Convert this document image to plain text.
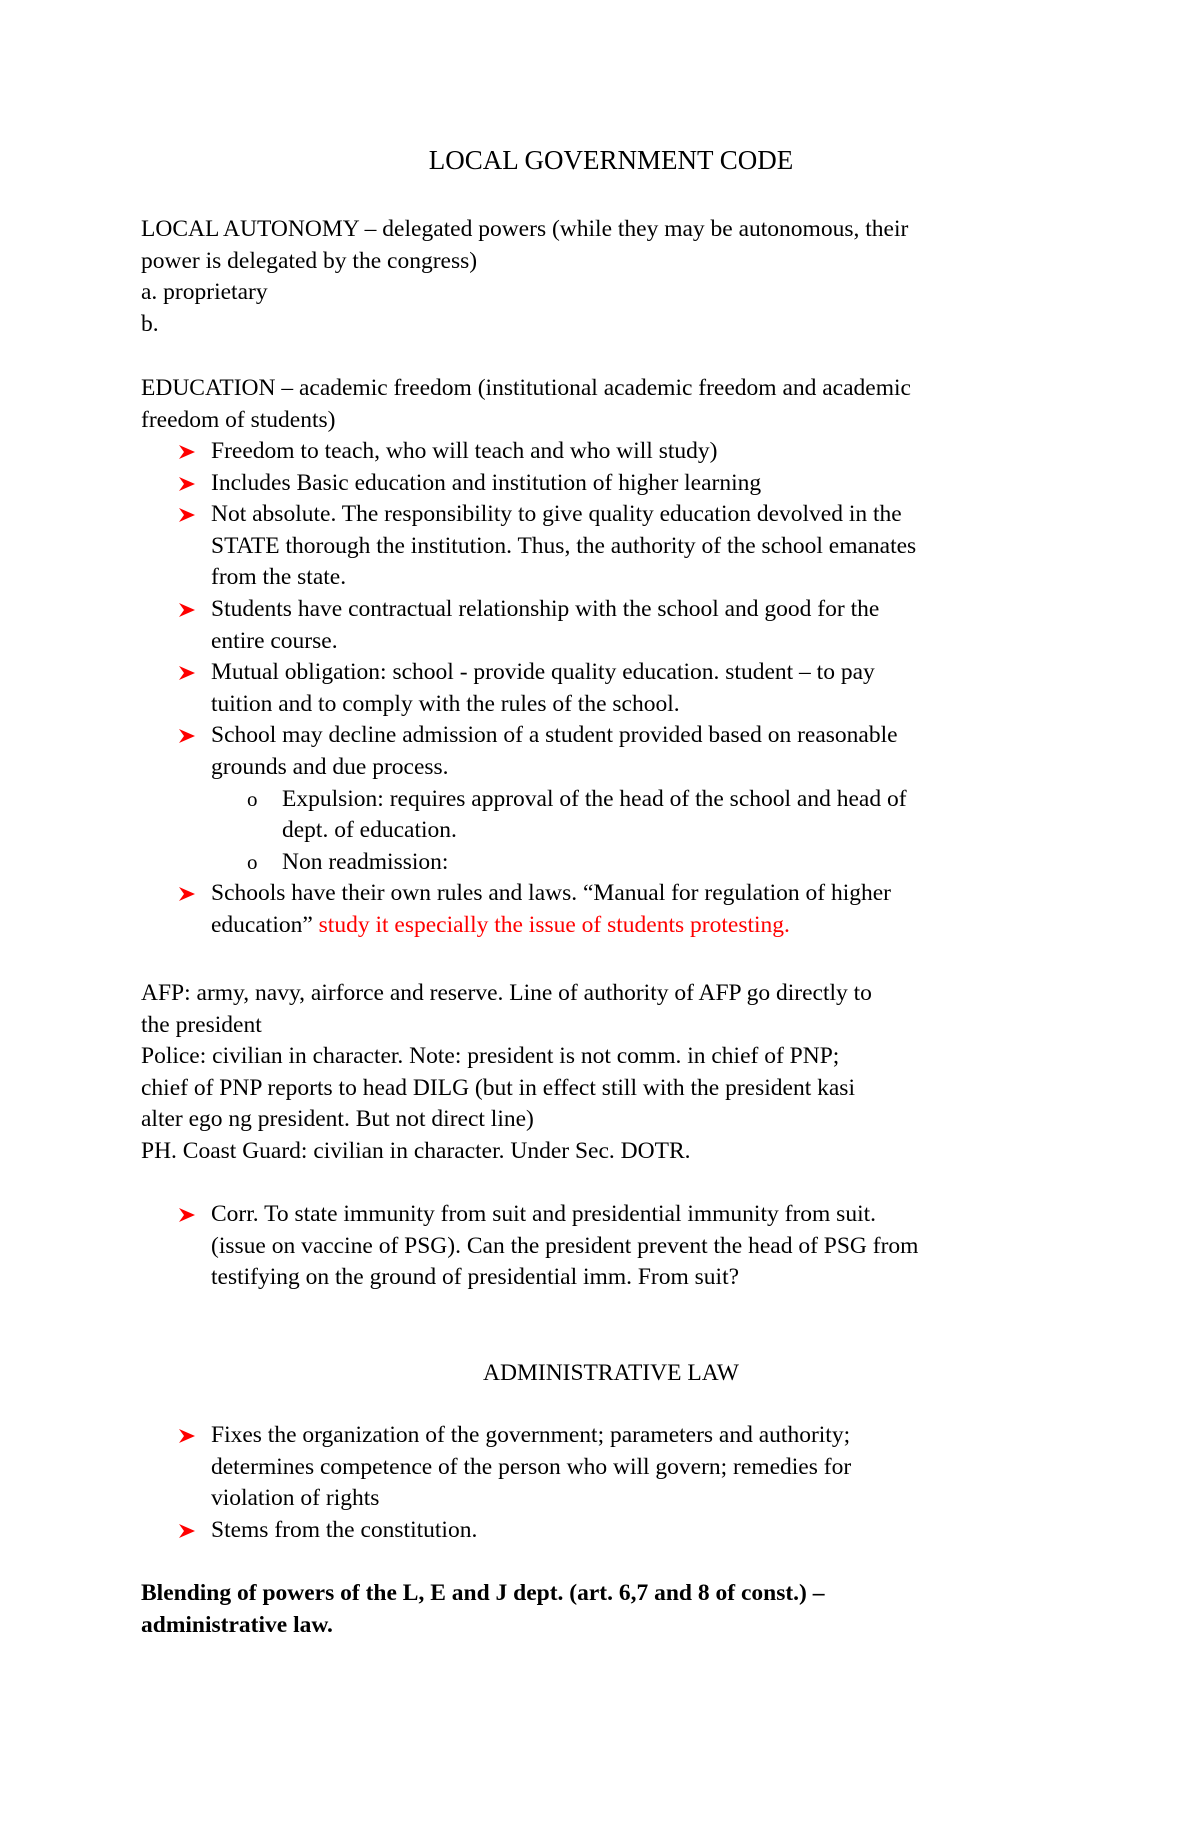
LOCAL GOVERNMENT CODE
LOCAL AUTONOMY – delegated powers (while they may be autonomous, their
power is delegated by the congress)
a. proprietary
b.
EDUCATION – academic freedom (institutional academic freedom and academic
freedom of students)
Freedom to teach, who will teach and who will study)
Includes Basic education and institution of higher learning
Not absolute. The responsibility to give quality education devolved in the
STATE thorough the institution. Thus, the authority of the school emanates
from the state.
Students have contractual relationship with the school and good for the
entire course.
Mutual obligation: school - provide quality education. student – to pay
tuition and to comply with the rules of the school.
School may decline admission of a student provided based on reasonable
grounds and due process.
o Expulsion: requires approval of the head of the school and head of
dept. of education.
o Non readmission:
Schools have their own rules and laws. “Manual for regulation of higher
education” study it especially the issue of students protesting.
AFP: army, navy, airforce and reserve. Line of authority of AFP go directly to
the president
Police: civilian in character. Note: president is not comm. in chief of PNP;
chief of PNP reports to head DILG (but in effect still with the president kasi
alter ego ng president. But not direct line)
PH. Coast Guard: civilian in character. Under Sec. DOTR.
Corr. To state immunity from suit and presidential immunity from suit.
(issue on vaccine of PSG). Can the president prevent the head of PSG from
testifying on the ground of presidential imm. From suit?
ADMINISTRATIVE LAW
Fixes the organization of the government; parameters and authority;
determines competence of the person who will govern; remedies for
violation of rights
Stems from the constitution.
Blending of powers of the L, E and J dept. (art. 6,7 and 8 of const.) –
administrative law.
